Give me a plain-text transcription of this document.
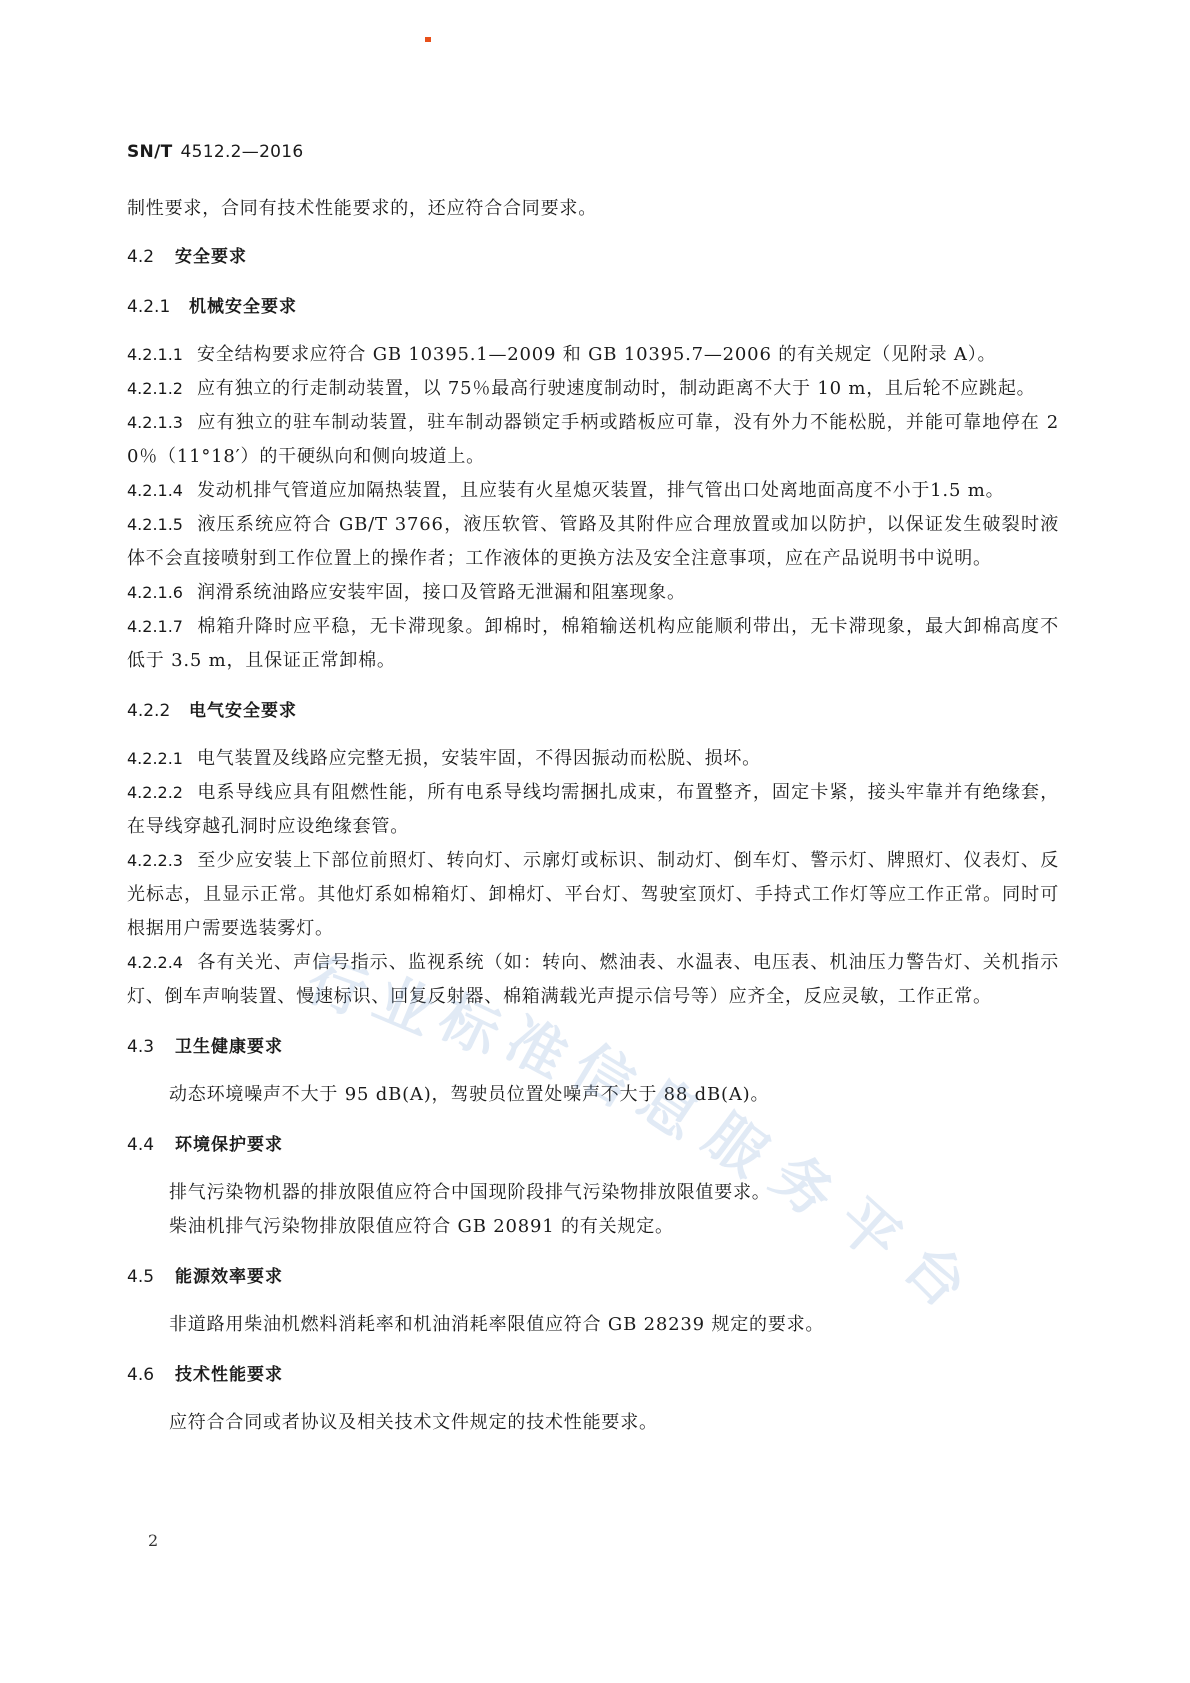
SN/T 4512.2—2016

制性要求，合同有技术性能要求的，还应符合合同要求。

4.2 安全要求
4.2.1 机械安全要求

4.2.1.1 安全结构要求应符合 GB 10395.1—2009 和 GB 10395.7—2006 的有关规定（见附录 A）。

4.2.1.2 应有独立的行走制动装置，以 75％最高行驶速度制动时，制动距离不大于 10 m，且后轮不应跳起。

4.2.1.3 应有独立的驻车制动装置，驻车制动器锁定手柄或踏板应可靠，没有外力不能松脱，并能可靠地停在 20％（11°18′）的干硬纵向和侧向坡道上。

4.2.1.4 发动机排气管道应加隔热装置，且应装有火星熄灭装置，排气管出口处离地面高度不小于1.5 m。

4.2.1.5 液压系统应符合 GB/T 3766，液压软管、管路及其附件应合理放置或加以防护，以保证发生破裂时液体不会直接喷射到工作位置上的操作者；工作液体的更换方法及安全注意事项，应在产品说明书中说明。

4.2.1.6 润滑系统油路应安装牢固，接口及管路无泄漏和阻塞现象。

4.2.1.7 棉箱升降时应平稳，无卡滞现象。卸棉时，棉箱输送机构应能顺利带出，无卡滞现象，最大卸棉高度不低于 3.5 m，且保证正常卸棉。

4.2.2 电气安全要求

4.2.2.1 电气装置及线路应完整无损，安装牢固，不得因振动而松脱、损坏。

4.2.2.2 电系导线应具有阻燃性能，所有电系导线均需捆扎成束，布置整齐，固定卡紧，接头牢靠并有绝缘套，在导线穿越孔洞时应设绝缘套管。

4.2.2.3 至少应安装上下部位前照灯、转向灯、示廓灯或标识、制动灯、倒车灯、警示灯、牌照灯、仪表灯、反光标志，且显示正常。其他灯系如棉箱灯、卸棉灯、平台灯、驾驶室顶灯、手持式工作灯等应工作正常。同时可根据用户需要选装雾灯。

4.2.2.4 各有关光、声信号指示、监视系统（如：转向、燃油表、水温表、电压表、机油压力警告灯、关机指示灯、倒车声响装置、慢速标识、回复反射器、棉箱满载光声提示信号等）应齐全，反应灵敏，工作正常。

4.3 卫生健康要求

动态环境噪声不大于 95 dB(A)，驾驶员位置处噪声不大于 88 dB(A)。

4.4 环境保护要求

排气污染物机器的排放限值应符合中国现阶段排气污染物排放限值要求。

柴油机排气污染物排放限值应符合 GB 20891 的有关规定。

4.5 能源效率要求

非道路用柴油机燃料消耗率和机油消耗率限值应符合 GB 28239 规定的要求。

4.6 技术性能要求

应符合合同或者协议及相关技术文件规定的技术性能要求。

2
行
业
标
准
信
息
服
务
平
台
